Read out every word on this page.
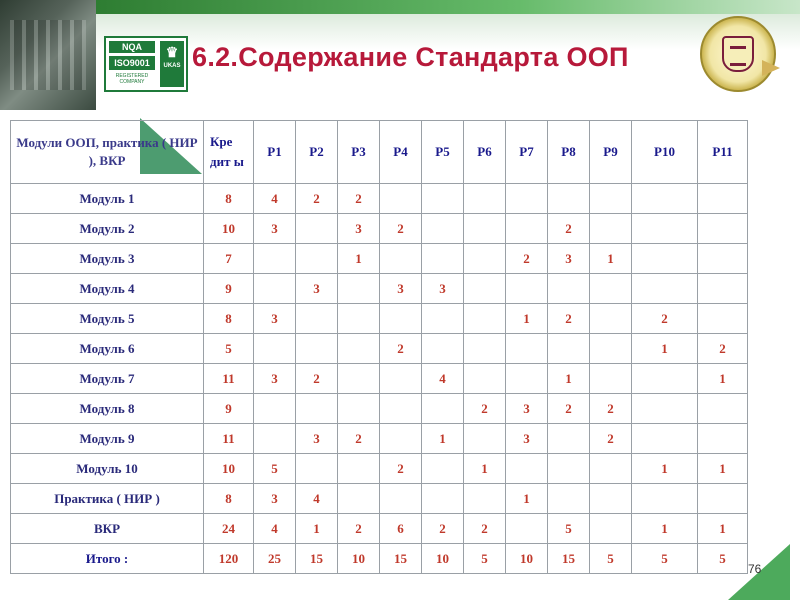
NQA
ISO9001
REGISTERED COMPANY
♛
UKAS 6.2.Содержание Стандарта ООП
Модули ООП, практика ( НИР ), ВКР	Кре дит ы	Р1	Р2	Р3	Р4	Р5	Р6	Р7	Р8	Р9	Р10	Р11
Модуль 1	8	4	2	2								
Модуль 2	10	3		3	2				2			
Модуль 3	7			1				2	3	1		
Модуль 4	9		3		3	3						
Модуль 5	8	3						1	2		2	
Модуль 6	5				2						1	2
Модуль 7	11	3	2			4			1			1
Модуль 8	9						2	3	2	2		
Модуль 9	11		3	2		1		3		2		
Модуль 10	10	5			2		1				1	1
Практика ( НИР )	8	3	4					1				
ВКР	24	4	1	2	6	2	2		5		1	1
Итого :	120	25	15	10	15	10	5	10	15	5	5	5
76
